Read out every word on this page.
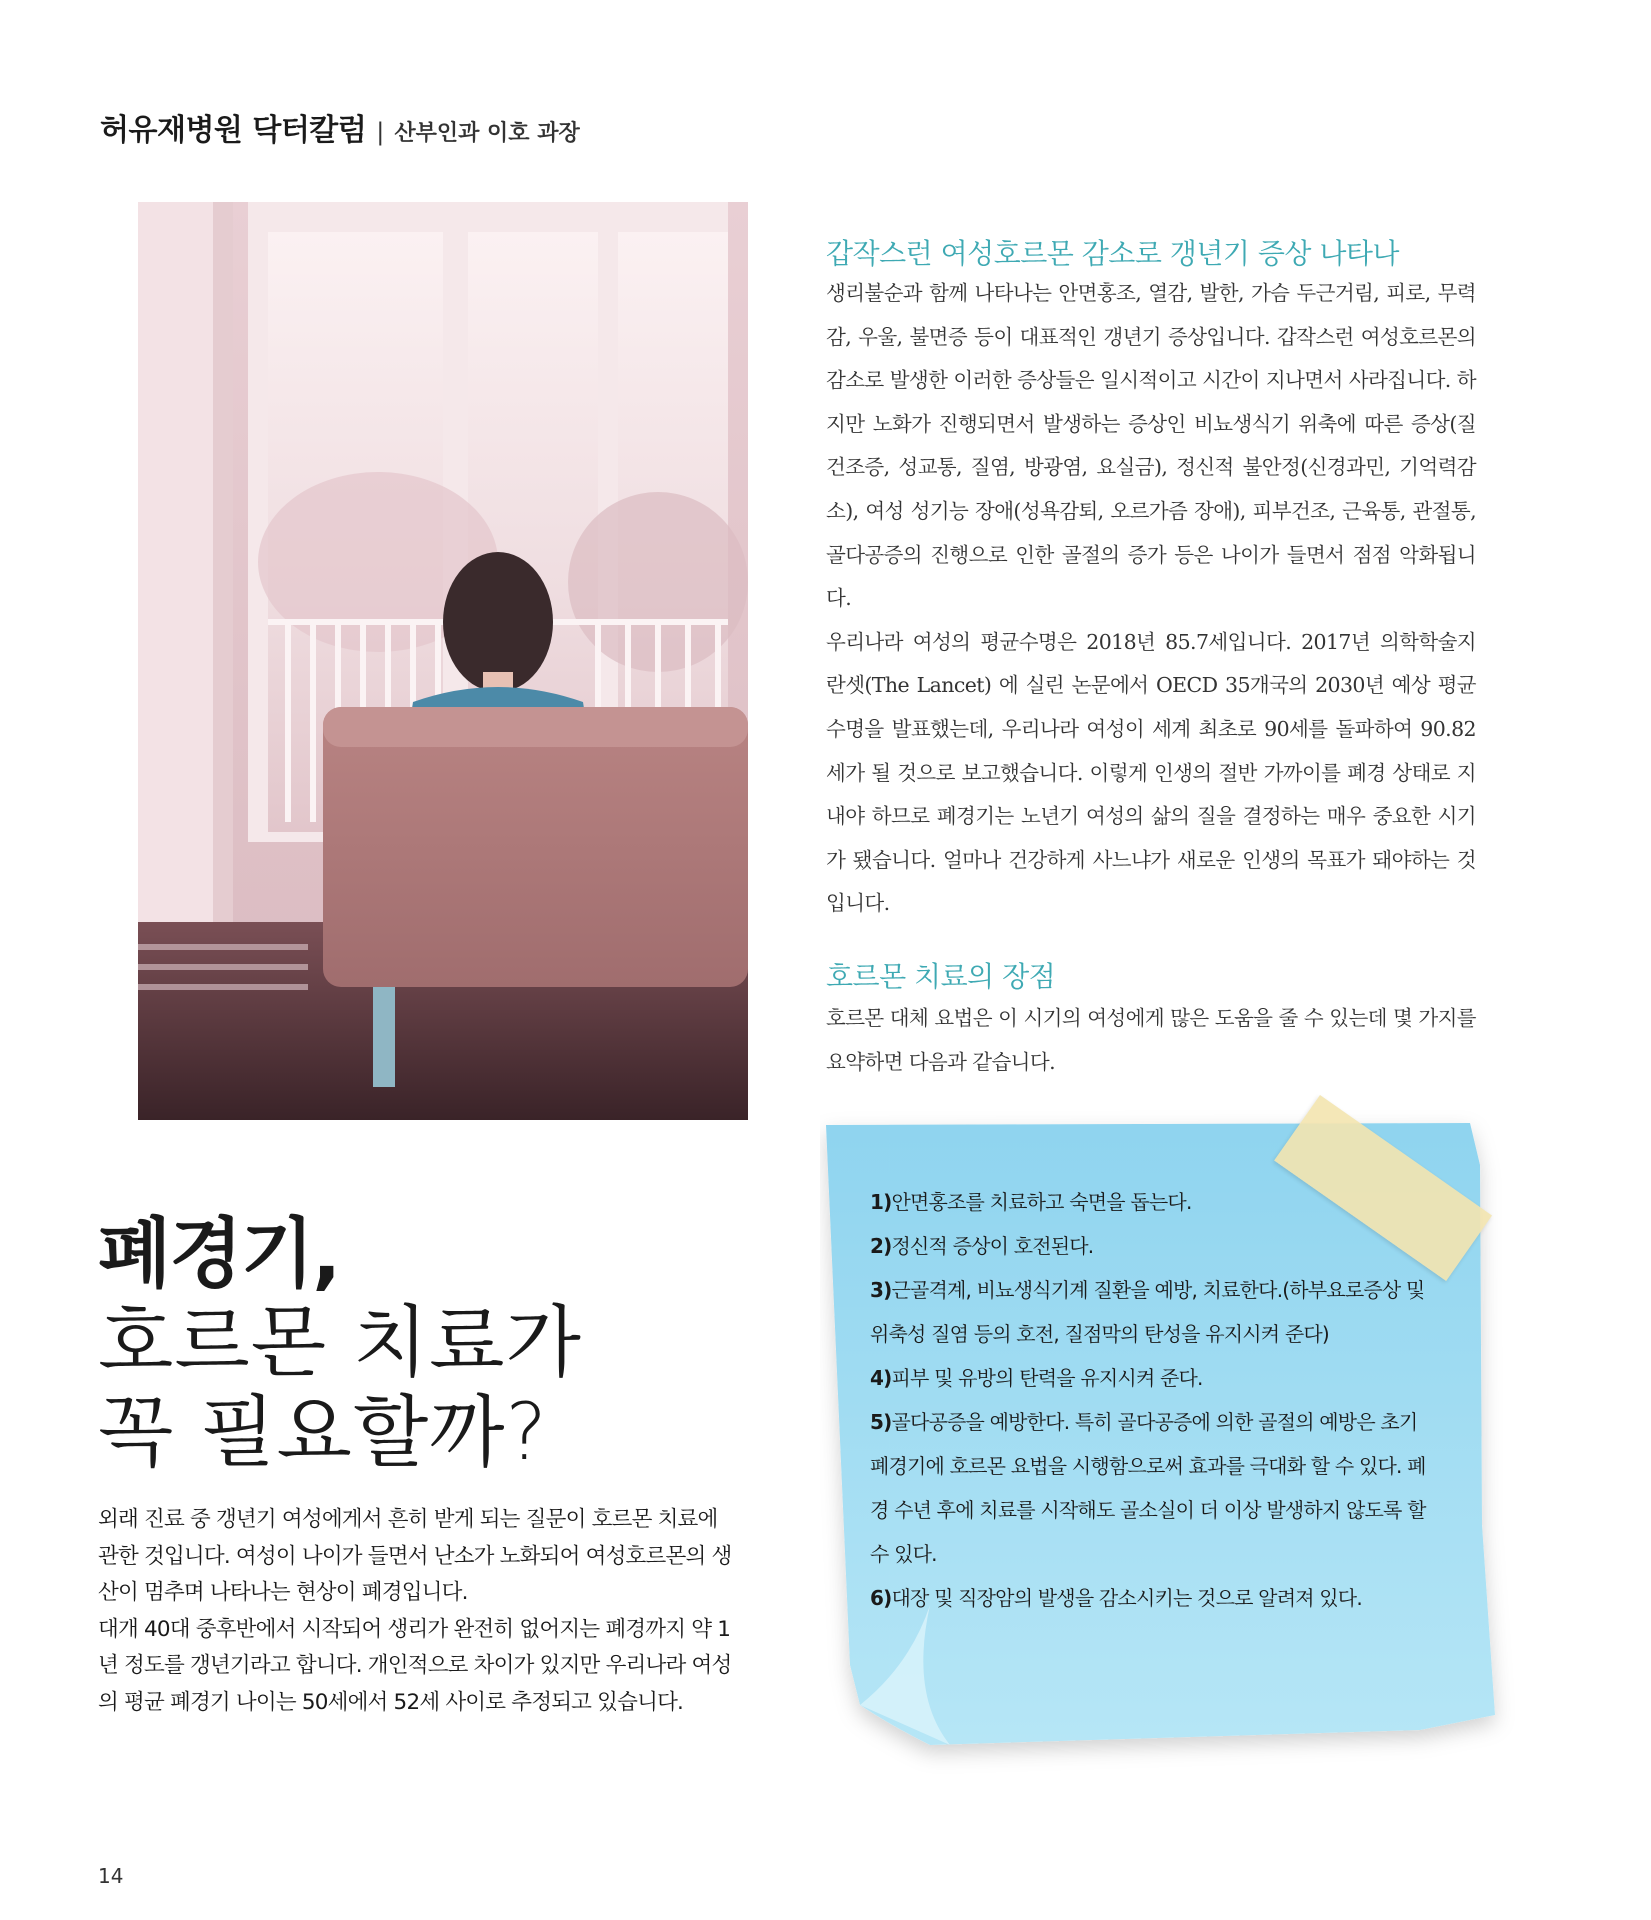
허유재병원 닥터칼럼 | 산부인과 이호 과장
갑작스런 여성호르몬 감소로 갱년기 증상 나타나

생리불순과 함께 나타나는 안면홍조, 열감, 발한, 가슴 두근거림, 피로, 무력감, 우울, 불면증 등이 대표적인 갱년기 증상입니다. 갑작스런 여성호르몬의 감소로 발생한 이러한 증상들은 일시적이고 시간이 지나면서 사라집니다. 하지만 노화가 진행되면서 발생하는 증상인 비뇨생식기 위축에 따른 증상(질건조증, 성교통, 질염, 방광염, 요실금), 정신적 불안정(신경과민, 기억력감소), 여성 성기능 장애(성욕감퇴, 오르가즘 장애), 피부건조, 근육통, 관절통, 골다공증의 진행으로 인한 골절의 증가 등은 나이가 들면서 점점 악화됩니다.

우리나라 여성의 평균수명은 2018년 85.7세입니다. 2017년 의학학술지 란셋(The Lancet) 에 실린 논문에서 OECD 35개국의 2030년 예상 평균수명을 발표했는데, 우리나라 여성이 세계 최초로 90세를 돌파하여 90.82세가 될 것으로 보고했습니다. 이렇게 인생의 절반 가까이를 폐경 상태로 지내야 하므로 폐경기는 노년기 여성의 삶의 질을 결정하는 매우 중요한 시기가 됐습니다. 얼마나 건강하게 사느냐가 새로운 인생의 목표가 돼야하는 것입니다.

호르몬 치료의 장점

호르몬 대체 요법은 이 시기의 여성에게 많은 도움을 줄 수 있는데 몇 가지를 요약하면 다음과 같습니다.

폐경기,
호르몬 치료가
꼭 필요할까?

외래 진료 중 갱년기 여성에게서 흔히 받게 되는 질문이 호르몬 치료에 관한 것입니다. 여성이 나이가 들면서 난소가 노화되어 여성호르몬의 생산이 멈추며 나타나는 현상이 폐경입니다.

대개 40대 중후반에서 시작되어 생리가 완전히 없어지는 폐경까지 약 1년 정도를 갱년기라고 합니다. 개인적으로 차이가 있지만 우리나라 여성의 평균 폐경기 나이는 50세에서 52세 사이로 추정되고 있습니다.

1)안면홍조를 치료하고 숙면을 돕는다.
2)정신적 증상이 호전된다.
3)근골격계, 비뇨생식기계 질환을 예방, 치료한다.(하부요로증상 및 위축성 질염 등의 호전, 질점막의 탄성을 유지시켜 준다)
4)피부 및 유방의 탄력을 유지시켜 준다.
5)골다공증을 예방한다. 특히 골다공증에 의한 골절의 예방은 초기 폐경기에 호르몬 요법을 시행함으로써 효과를 극대화 할 수 있다. 폐경 수년 후에 치료를 시작해도 골소실이 더 이상 발생하지 않도록 할 수 있다.
6)대장 및 직장암의 발생을 감소시키는 것으로 알려져 있다.
14
